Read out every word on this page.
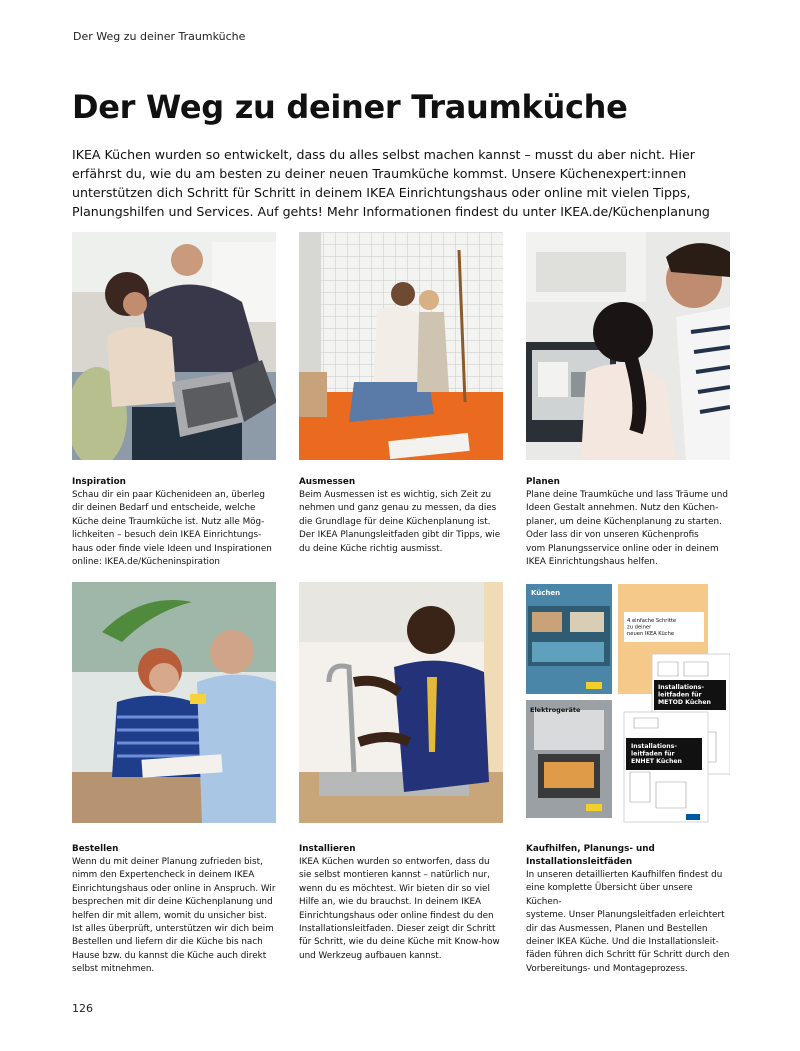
Der Weg zu deiner Traumküche
Der Weg zu deiner Traumküche

IKEA Küchen wurden so entwickelt, dass du alles selbst machen kannst – musst du aber nicht. Hier erfährst du, wie du am besten zu deiner neuen Traumküche kommst. Unsere Küchenexpert:innen unterstützen dich Schritt für Schritt in deinem IKEA Einrichtungshaus oder online mit vielen Tipps, Planungshilfen und Services. Auf gehts! Mehr Informationen findest du unter IKEA.de/Küchenplanung

Inspiration
Schau dir ein paar Küchenideen an, überleg
dir deinen Bedarf und entscheide, welche
Küche deine Traumküche ist. Nutz alle Mög-
lichkeiten – besuch dein IKEA Einrichtungs-
haus oder finde viele Ideen und Inspirationen
online: IKEA.de/Kücheninspiration
Ausmessen
Beim Ausmessen ist es wichtig, sich Zeit zu
nehmen und ganz genau zu messen, da dies
die Grundlage für deine Küchenplanung ist.
Der IKEA Planungsleitfaden gibt dir Tipps, wie
du deine Küche richtig ausmisst.
Planen
Plane deine Traumküche und lass Träume und
Ideen Gestalt annehmen. Nutz den Küchen-
planer, um deine Küchenplanung zu starten.
Oder lass dir von unseren Küchenprofis
vom Planungsservice online oder in deinem
IKEA Einrichtungshaus helfen.
Bestellen
Wenn du mit deiner Planung zufrieden bist,
nimm den Expertencheck in deinem IKEA
Einrichtungshaus oder online in Anspruch. Wir
besprechen mit dir deine Küchenplanung und
helfen dir mit allem, womit du unsicher bist.
Ist alles überprüft, unterstützen wir dich beim
Bestellen und liefern dir die Küche bis nach
Hause bzw. du kannst die Küche auch direkt
selbst mitnehmen.
Installieren
IKEA Küchen wurden so entworfen, dass du
sie selbst montieren kannst – natürlich nur,
wenn du es möchtest. Wir bieten dir so viel
Hilfe an, wie du brauchst. In deinem IKEA
Einrichtungshaus oder online findest du den
Installationsleitfaden. Dieser zeigt dir Schritt
für Schritt, wie du deine Küche mit Know-how
und Werkzeug aufbauen kannst.
Küchen
4 einfache Schritte zu deiner neuen IKEA Küche
Installations- leitfaden für METOD Küchen
Elektrogeräte
Installations- leitfaden für ENHET Küchen
Kaufhilfen, Planungs- und
Installationsleitfäden
In unseren detaillierten Kaufhilfen findest du
eine komplette Übersicht über unsere Küchen-
systeme. Unser Planungsleitfaden erleichtert
dir das Ausmessen, Planen und Bestellen
deiner IKEA Küche. Und die Installationsleit-
fäden führen dich Schritt für Schritt durch den
Vorbereitungs- und Montageprozess.
126
